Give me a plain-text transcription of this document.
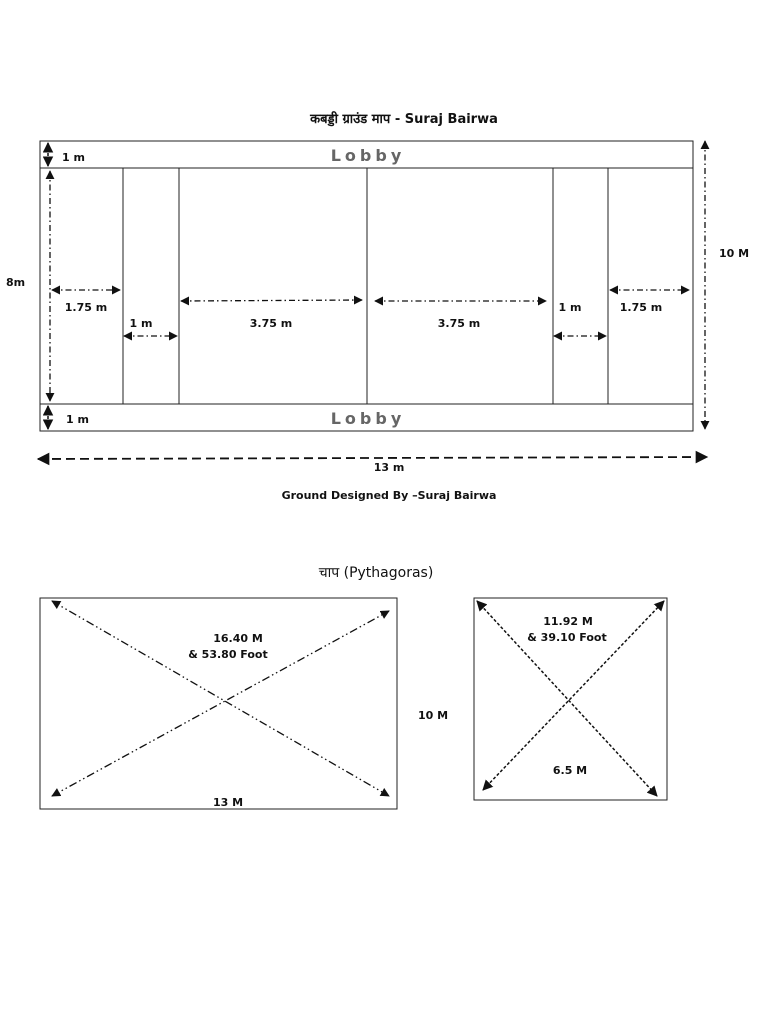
कबड्डी ग्राउंड माप - Suraj Bairwa
Lobby
Lobby
1 m
1 m
8m
10 M
13 m
1.75 m
1 m	3.75 m	3.75 m
1 m	1.75 m
Ground Designed By –Suraj Bairwa
चाप (Pythagoras)
16.40 M
& 53.80 Foot
13 M
10 M
11.92 M
& 39.10 Foot
6.5 M
